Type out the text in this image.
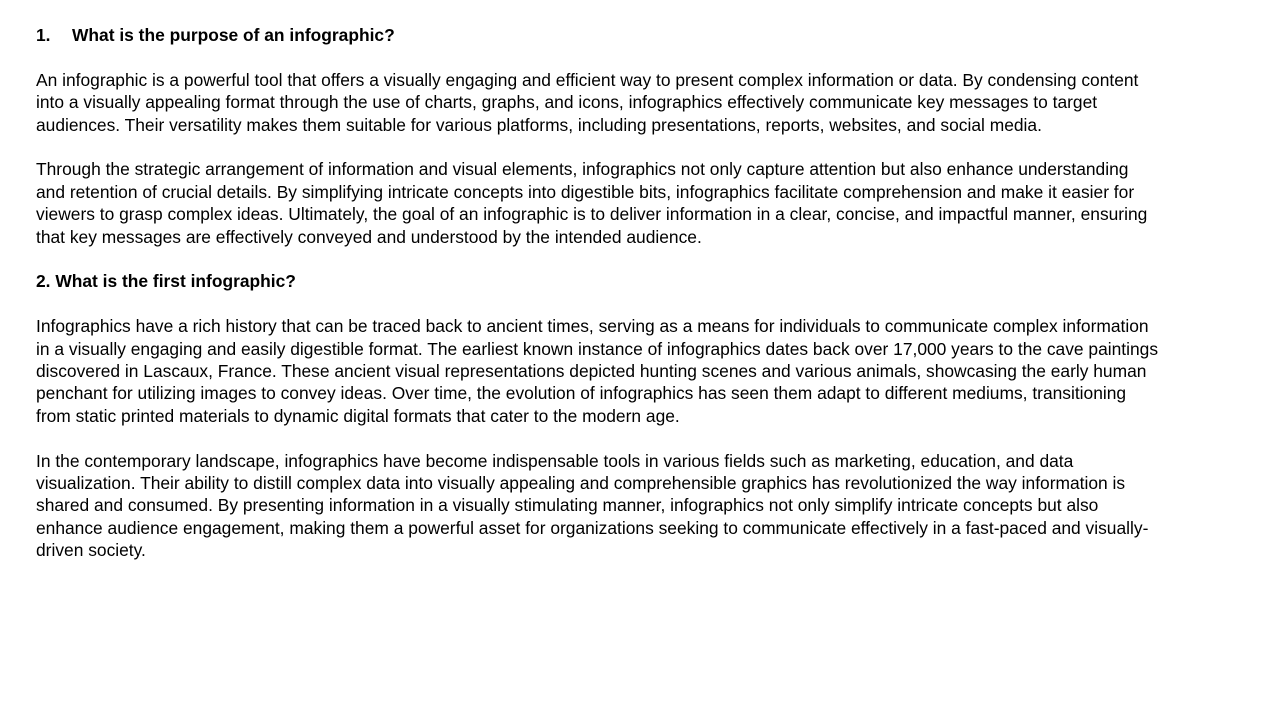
1. What is the purpose of an infographic?

An infographic is a powerful tool that offers a visually engaging and efficient way to present complex information or data. By condensing content
into a visually appealing format through the use of charts, graphs, and icons, infographics effectively communicate key messages to target
audiences. Their versatility makes them suitable for various platforms, including presentations, reports, websites, and social media.

Through the strategic arrangement of information and visual elements, infographics not only capture attention but also enhance understanding
and retention of crucial details. By simplifying intricate concepts into digestible bits, infographics facilitate comprehension and make it easier for
viewers to grasp complex ideas. Ultimately, the goal of an infographic is to deliver information in a clear, concise, and impactful manner, ensuring
that key messages are effectively conveyed and understood by the intended audience.

2. What is the first infographic?

Infographics have a rich history that can be traced back to ancient times, serving as a means for individuals to communicate complex information
in a visually engaging and easily digestible format. The earliest known instance of infographics dates back over 17,000 years to the cave paintings
discovered in Lascaux, France. These ancient visual representations depicted hunting scenes and various animals, showcasing the early human
penchant for utilizing images to convey ideas. Over time, the evolution of infographics has seen them adapt to different mediums, transitioning
from static printed materials to dynamic digital formats that cater to the modern age.

In the contemporary landscape, infographics have become indispensable tools in various fields such as marketing, education, and data
visualization. Their ability to distill complex data into visually appealing and comprehensible graphics has revolutionized the way information is
shared and consumed. By presenting information in a visually stimulating manner, infographics not only simplify intricate concepts but also
enhance audience engagement, making them a powerful asset for organizations seeking to communicate effectively in a fast-paced and visually-
driven society.
